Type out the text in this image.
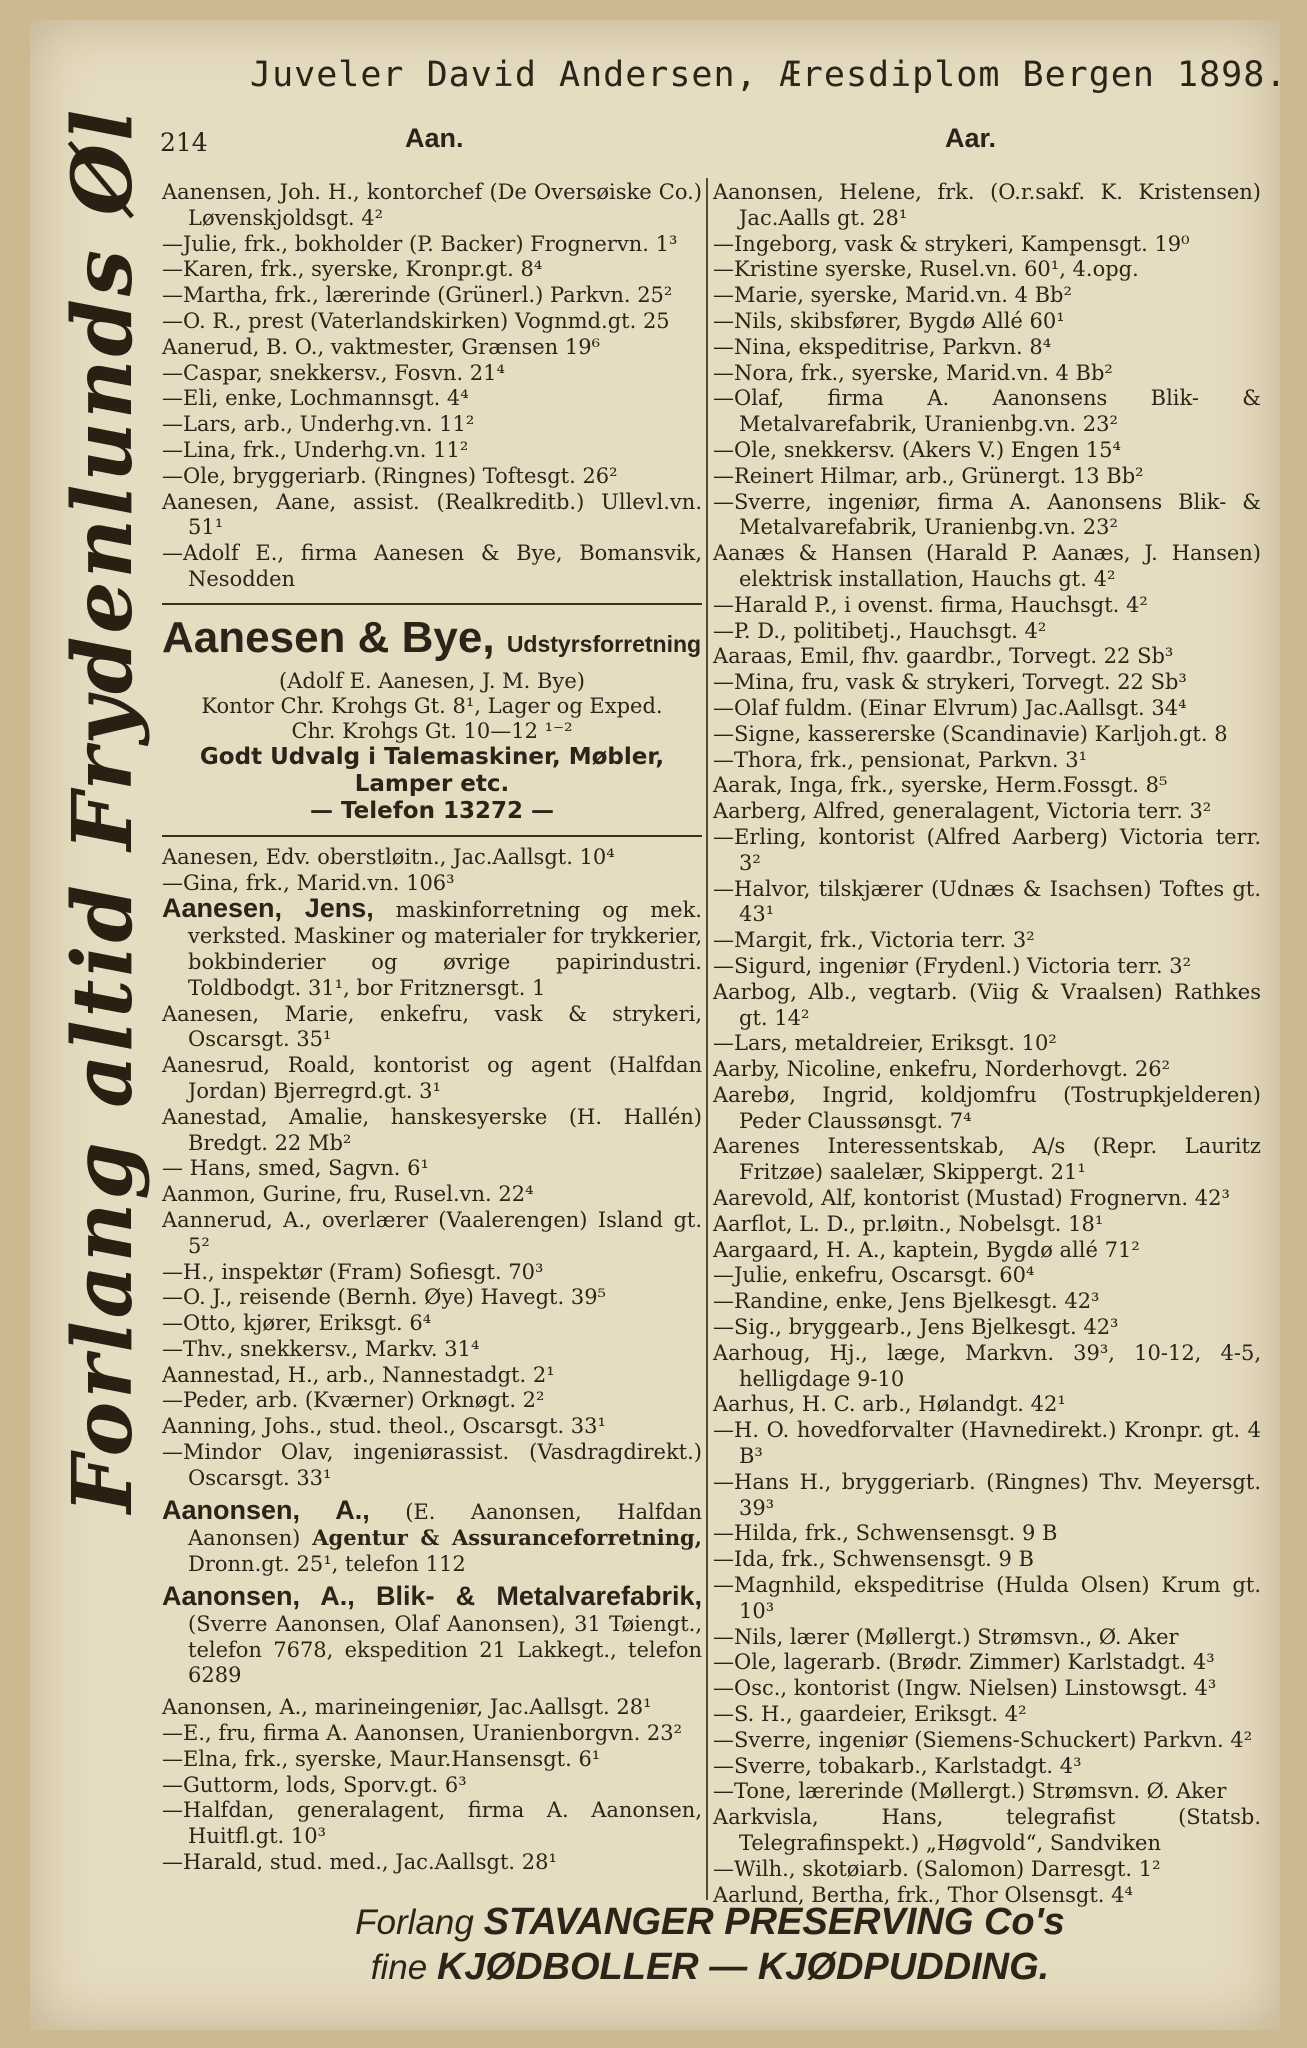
Juveler David Andersen, Æresdiplom Bergen 1898.
214	Aan.	Aar.
Forlang altid Frydenlunds Øl Aanensen, Joh. H., kontorchef (De Oversøiske Co.) Løvenskjoldsgt. 4²

—Julie, frk., bokholder (P. Backer) Frognervn. 1³

—Karen, frk., syerske, Kronpr.gt. 8⁴

—Martha, frk., lærerinde (Grünerl.) Parkvn. 25²

—O. R., prest (Vaterlandskirken) Vognmd.gt. 25

Aanerud, B. O., vaktmester, Grænsen 19⁶

—Caspar, snekkersv., Fosvn. 21⁴

—Eli, enke, Lochmannsgt. 4⁴

—Lars, arb., Underhg.vn. 11²

—Lina, frk., Underhg.vn. 11²

—Ole, bryggeriarb. (Ringnes) Toftesgt. 26²

Aanesen, Aane, assist. (Realkreditb.) Ullevl.vn. 51¹

—Adolf E., firma Aanesen & Bye, Bomansvik, Nesodden

Aanesen & Bye, Udstyrsforretning
(Adolf E. Aanesen, J. M. Bye)
Kontor Chr. Krohgs Gt. 8¹, Lager og Exped.
Chr. Krohgs Gt. 10—12 ¹⁻²
Godt Udvalg i Talemaskiner, Møbler,
Lamper etc.
— Telefon 13272 —

Aanesen, Edv. oberstløitn., Jac.Aallsgt. 10⁴

—Gina, frk., Marid.vn. 106³

Aanesen, Jens, maskinforretning og mek. verksted. Maskiner og materialer for trykkerier, bokbinderier og øvrige papirindustri. Toldbodgt. 31¹, bor Fritznersgt. 1

Aanesen, Marie, enkefru, vask & strykeri, Oscarsgt. 35¹

Aanesrud, Roald, kontorist og agent (Halfdan Jordan) Bjerregrd.gt. 3¹

Aanestad, Amalie, hanskesyerske (H. Hallén) Bredgt. 22 Mb²

— Hans, smed, Sagvn. 6¹

Aanmon, Gurine, fru, Rusel.vn. 22⁴

Aannerud, A., overlærer (Vaalerengen) Island gt. 5²

—H., inspektør (Fram) Sofiesgt. 70³

—O. J., reisende (Bernh. Øye) Havegt. 39⁵

—Otto, kjører, Eriksgt. 6⁴

—Thv., snekkersv., Markv. 31⁴

Aannestad, H., arb., Nannestadgt. 2¹

—Peder, arb. (Kværner) Orknøgt. 2²

Aanning, Johs., stud. theol., Oscarsgt. 33¹

—Mindor Olav, ingeniørassist. (Vasdragdirekt.) Oscarsgt. 33¹

Aanonsen, A., (E. Aanonsen, Halfdan Aanonsen) Agentur & Assuranceforretning, Dronn.gt. 25¹, telefon 112

Aanonsen, A., Blik- & Metalvarefabrik, (Sverre Aanonsen, Olaf Aanonsen), 31 Tøiengt., telefon 7678, ekspedition 21 Lakkegt., telefon 6289

Aanonsen, A., marineingeniør, Jac.Aallsgt. 28¹

—E., fru, firma A. Aanonsen, Uranienborgvn. 23²

—Elna, frk., syerske, Maur.Hansensgt. 6¹

—Guttorm, lods, Sporv.gt. 6³

—Halfdan, generalagent, firma A. Aanonsen, Huitfl.gt. 10³

—Harald, stud. med., Jac.Aallsgt. 28¹

Aanonsen, Helene, frk. (O.r.sakf. K. Kristensen) Jac.Aalls gt. 28¹

—Ingeborg, vask & strykeri, Kampensgt. 19⁰

—Kristine syerske, Rusel.vn. 60¹, 4.opg.

—Marie, syerske, Marid.vn. 4 Bb²

—Nils, skibsfører, Bygdø Allé 60¹

—Nina, ekspeditrise, Parkvn. 8⁴

—Nora, frk., syerske, Marid.vn. 4 Bb²

—Olaf, firma A. Aanonsens Blik- & Metalvarefabrik, Uranienbg.vn. 23²

—Ole, snekkersv. (Akers V.) Engen 15⁴

—Reinert Hilmar, arb., Grünergt. 13 Bb²

—Sverre, ingeniør, firma A. Aanonsens Blik- & Metalvarefabrik, Uranienbg.vn. 23²

Aanæs & Hansen (Harald P. Aanæs, J. Hansen) elektrisk installation, Hauchs gt. 4²

—Harald P., i ovenst. firma, Hauchsgt. 4²

—P. D., politibetj., Hauchsgt. 4²

Aaraas, Emil, fhv. gaardbr., Torvegt. 22 Sb³

—Mina, fru, vask & strykeri, Torvegt. 22 Sb³

—Olaf fuldm. (Einar Elvrum) Jac.Aallsgt. 34⁴

—Signe, kassererske (Scandinavie) Karljoh.gt. 8

—Thora, frk., pensionat, Parkvn. 3¹

Aarak, Inga, frk., syerske, Herm.Fossgt. 8⁵

Aarberg, Alfred, generalagent, Victoria terr. 3²

—Erling, kontorist (Alfred Aarberg) Victoria terr. 3²

—Halvor, tilskjærer (Udnæs & Isachsen) Toftes gt. 43¹

—Margit, frk., Victoria terr. 3²

—Sigurd, ingeniør (Frydenl.) Victoria terr. 3²

Aarbog, Alb., vegtarb. (Viig & Vraalsen) Rathkes gt. 14²

—Lars, metaldreier, Eriksgt. 10²

Aarby, Nicoline, enkefru, Norderhovgt. 26²

Aarebø, Ingrid, koldjomfru (Tostrupkjelderen) Peder Claussønsgt. 7⁴

Aarenes Interessentskab, A/s (Repr. Lauritz Fritzøe) saalelær, Skippergt. 21¹

Aarevold, Alf, kontorist (Mustad) Frognervn. 42³

Aarflot, L. D., pr.løitn., Nobelsgt. 18¹

Aargaard, H. A., kaptein, Bygdø allé 71²

—Julie, enkefru, Oscarsgt. 60⁴

—Randine, enke, Jens Bjelkesgt. 42³

—Sig., bryggearb., Jens Bjelkesgt. 42³

Aarhoug, Hj., læge, Markvn. 39³, 10-12, 4-5, helligdage 9-10

Aarhus, H. C. arb., Hølandgt. 42¹

—H. O. hovedforvalter (Havnedirekt.) Kronpr. gt. 4 B³

—Hans H., bryggeriarb. (Ringnes) Thv. Meyersgt. 39³

—Hilda, frk., Schwensensgt. 9 B

—Ida, frk., Schwensensgt. 9 B

—Magnhild, ekspeditrise (Hulda Olsen) Krum gt. 10³

—Nils, lærer (Møllergt.) Strømsvn., Ø. Aker

—Ole, lagerarb. (Brødr. Zimmer) Karlstadgt. 4³

—Osc., kontorist (Ingw. Nielsen) Linstowsgt. 4³

—S. H., gaardeier, Eriksgt. 4²

—Sverre, ingeniør (Siemens-Schuckert) Parkvn. 4²

—Sverre, tobakarb., Karlstadgt. 4³

—Tone, lærerinde (Møllergt.) Strømsvn. Ø. Aker

Aarkvisla, Hans, telegrafist (Statsb. Telegrafinspekt.) „Høgvold“, Sandviken

—Wilh., skotøiarb. (Salomon) Darresgt. 1²

Aarlund, Bertha, frk., Thor Olsensgt. 4⁴

Forlang STAVANGER PRESERVING Co's
fine KJØDBOLLER — KJØDPUDDING.
